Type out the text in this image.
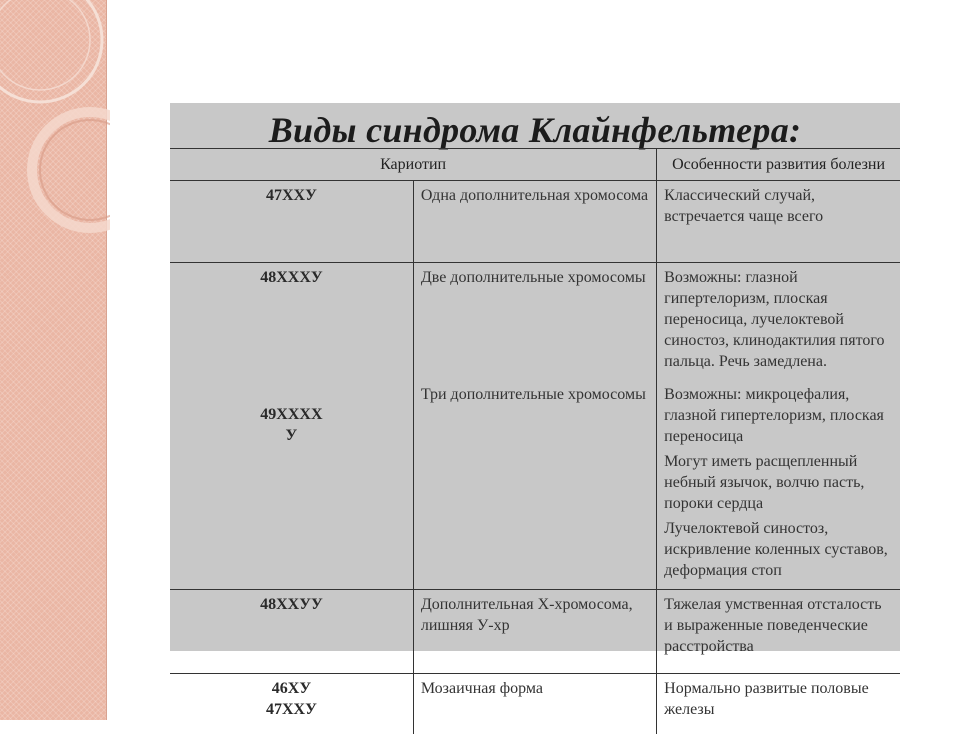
Виды синдрома Клайнфельтера:
Кариотип		Особенности развития болезни

47ХХУ	Одна дополнительная хромосома	Классический случай, встречается чаще всего

48ХХХУ	Две дополнительные хромосомы	Возможны: глазной гипертелоризм, плоская переносица, лучелоктевой синостоз, клинодактилия пятого пальца. Речь замедлена.

49ХХХХ
У	Три дополнительные хромосомы	Возможны: микроцефалия, глазной гипертелоризм, плоская переносица
Могут иметь расщепленный небный язычок, волчю пасть, пороки сердца
Лучелоктевой синостоз, искривление коленных суставов, деформация стоп

48ХХУУ	Дополнительная Х-хромосома, лишняя У-хр	Тяжелая умственная отсталость и выраженные поведенческие расстройства

46ХУ
47ХХУ	Мозаичная форма	Нормально развитые половые железы
